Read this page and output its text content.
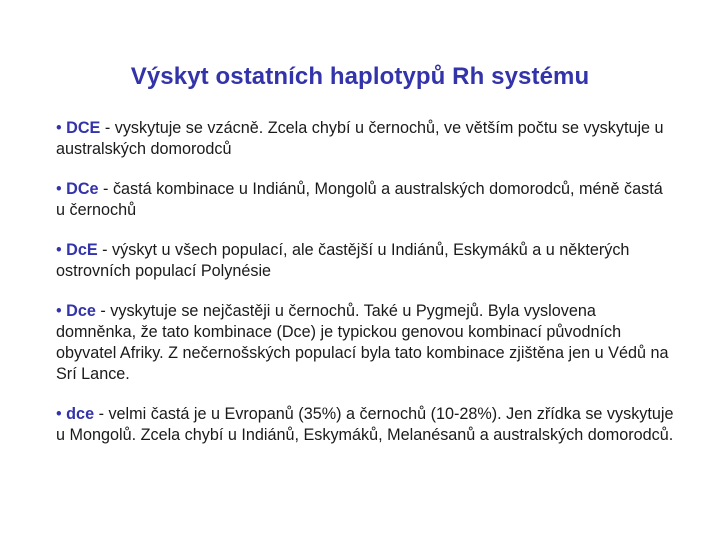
Výskyt ostatních haplotypů Rh systému

• DCE - vyskytuje se vzácně. Zcela chybí u černochů, ve větším počtu se vyskytuje u australských domorodců

• DCe - častá kombinace u Indiánů, Mongolů a australských domorodců, méně častá u černochů

• DcE - výskyt u všech populací, ale častější u Indiánů, Eskymáků a u některých ostrovních populací Polynésie

• Dce - vyskytuje se nejčastěji u černochů. Také u Pygmejů. Byla vyslovena domněnka, že tato kombinace (Dce) je typickou genovou kombinací původních obyvatel Afriky. Z nečernošských populací byla tato kombinace zjištěna jen u Védů na Srí Lance.

• dce - velmi častá je u Evropanů (35%) a černochů (10-28%). Jen zřídka se vyskytuje u Mongolů. Zcela chybí u Indiánů, Eskymáků, Melanésanů a australských domorodců.
